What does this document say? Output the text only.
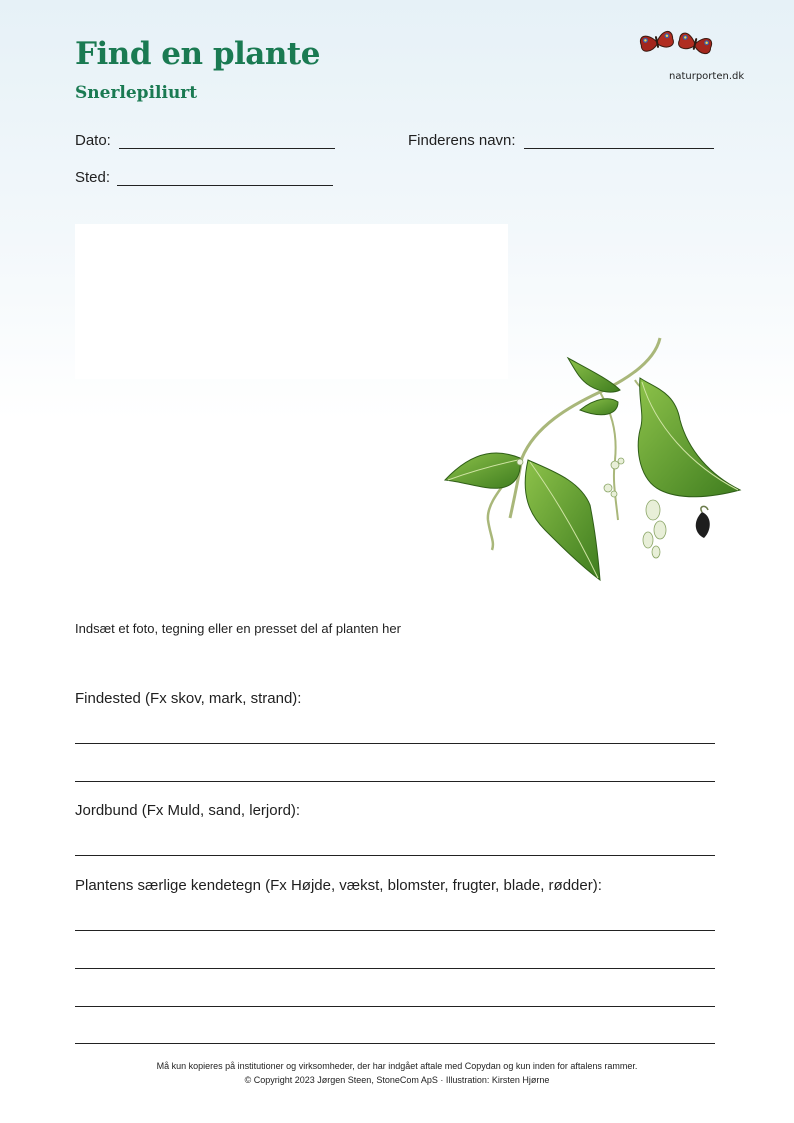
Find en plante
Snerlepiliurt
naturporten.dk
Dato:	Finderens navn:
Sted:
Indsæt et foto, tegning eller en presset del af planten her
Findested (Fx skov, mark, strand):
Jordbund (Fx Muld, sand, lerjord):
Plantens særlige kendetegn (Fx Højde, vækst, blomster, frugter, blade, rødder):
Må kun kopieres på institutioner og virksomheder, der har indgået aftale med Copydan og kun inden for aftalens rammer.
© Copyright 2023 Jørgen Steen, StoneCom ApS · Illustration: Kirsten Hjørne
